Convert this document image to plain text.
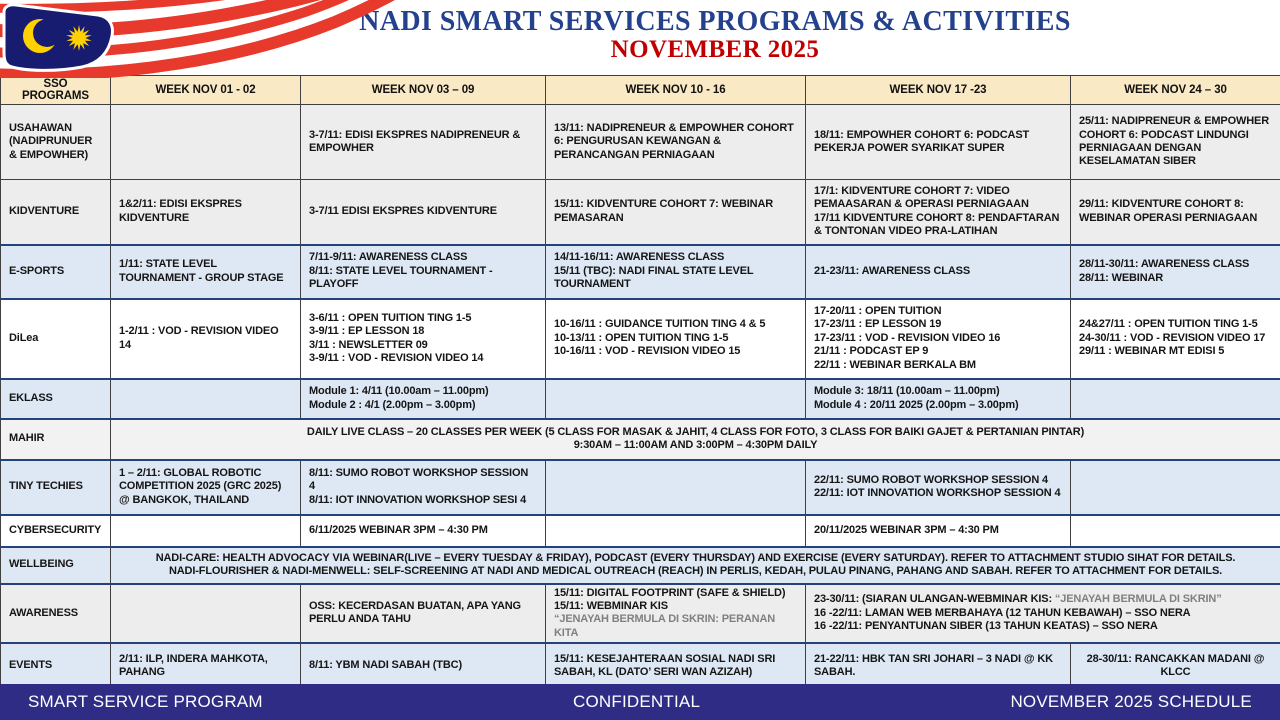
NADI SMART SERVICES PROGRAMS & ACTIVITIES
NOVEMBER 2025
SSO PROGRAMS	WEEK NOV 01 - 02	WEEK NOV 03 – 09	WEEK NOV 10 - 16	WEEK NOV 17 -23	WEEK NOV 24 – 30
USAHAWAN (NADIPRUNUER & EMPOWHER)		3-7/11: EDISI EKSPRES NADIPRENEUR & EMPOWHER	13/11: NADIPRENEUR & EMPOWHER COHORT 6: PENGURUSAN KEWANGAN & PERANCANGAN PERNIAGAAN	18/11: EMPOWHER COHORT 6: PODCAST PEKERJA POWER SYARIKAT SUPER	25/11: NADIPRENEUR & EMPOWHER COHORT 6: PODCAST LINDUNGI PERNIAGAAN DENGAN KESELAMATAN SIBER

KIDVENTURE	1&2/11: EDISI EKSPRES KIDVENTURE	3-7/11 EDISI EKSPRES KIDVENTURE	15/11: KIDVENTURE COHORT 7: WEBINAR PEMASARAN	17/1: KIDVENTURE COHORT 7: VIDEO PEMAASARAN & OPERASI PERNIAGAAN
17/11 KIDVENTURE COHORT 8: PENDAFTARAN & TONTONAN VIDEO PRA-LATIHAN	29/11: KIDVENTURE COHORT 8: WEBINAR OPERASI PERNIAGAAN

E-SPORTS	
1/11: STATE LEVEL TOURNAMENT - GROUP STAGE

7/11-9/11: AWARENESS CLASS
8/11: STATE LEVEL TOURNAMENT - PLAYOFF

14/11-16/11: AWARENESS CLASS
15/11 (TBC): NADI FINAL STATE LEVEL TOURNAMENT

21-23/11: AWARENESS CLASS

28/11-30/11: AWARENESS CLASS
28/11: WEBINAR

DiLea	
1-2/11 : VOD - REVISION VIDEO 14

3-6/11 : OPEN TUITION TING 1-5
3-9/11 : EP LESSON 18
3/11 : NEWSLETTER 09
3-9/11 : VOD - REVISION VIDEO 14

10-16/11 : GUIDANCE TUITION TING 4 & 5
10-13/11 : OPEN TUITION TING 1-5
10-16/11 : VOD - REVISION VIDEO 15

17-20/11 : OPEN TUITION
17-23/11 : EP LESSON 19
17-23/11 : VOD - REVISION VIDEO 16
21/11 : PODCAST EP 9
22/11 : WEBINAR BERKALA BM

24&27/11 : OPEN TUITION TING 1-5
24-30/11 : VOD - REVISION VIDEO 17
29/11 : WEBINAR MT EDISI 5

EKLASS		
Module 1: 4/11 (10.00am – 11.00pm)
Module 2 : 4/1 (2.00pm – 3.00pm)

Module 3: 18/11 (10.00am – 11.00pm)
Module 4 : 20/11 2025 (2.00pm – 3.00pm)

MAHIR	DAILY LIVE CLASS – 20 CLASSES PER WEEK (5 CLASS FOR MASAK & JAHIT, 4 CLASS FOR FOTO, 3 CLASS FOR BAIKI GAJET & PERTANIAN PINTAR)
9:30AM – 11:00AM AND 3:00PM – 4:30PM DAILY				

TINY TECHIES	
1 – 2/11: GLOBAL ROBOTIC COMPETITION 2025 (GRC 2025) @ BANGKOK, THAILAND

8/11: SUMO ROBOT WORKSHOP SESSION 4
8/11: IOT INNOVATION WORKSHOP SESI 4

22/11: SUMO ROBOT WORKSHOP SESSION 4
22/11: IOT INNOVATION WORKSHOP SESSION 4

CYBERSECURITY		6/11/2025 WEBINAR 3PM – 4:30 PM		20/11/2025 WEBINAR 3PM – 4:30 PM	

WELLBEING	NADI-CARE: HEALTH ADVOCACY VIA WEBINAR(LIVE – EVERY TUESDAY & FRIDAY), PODCAST (EVERY THURSDAY) AND EXERCISE (EVERY SATURDAY). REFER TO ATTACHMENT STUDIO SIHAT FOR DETAILS.
NADI-FLOURISHER & NADI-MENWELL: SELF-SCREENING AT NADI AND MEDICAL OUTREACH (REACH) IN PERLIS, KEDAH, PULAU PINANG, PAHANG AND SABAH. REFER TO ATTACHMENT FOR DETAILS.				

AWARENESS		
OSS: KECERDASAN BUATAN, APA YANG PERLU ANDA TAHU

15/11: DIGITAL FOOTPRINT (SAFE & SHIELD)
15/11: WEBMINAR KIS
“JENAYAH BERMULA DI SKRIN: PERANAN KITA

23-30/11: (SIARAN ULANGAN-WEBMINAR KIS: “JENAYAH BERMULA DI SKRIN”
16 -22/11: LAMAN WEB MERBAHAYA (12 TAHUN KEBAWAH) – SSO NERA
16 -22/11: PENYANTUNAN SIBER (13 TAHUN KEATAS) – SSO NERA

EVENTS	2/11: ILP, INDERA MAHKOTA, PAHANG	8/11: YBM NADI SABAH (TBC)	15/11: KESEJAHTERAAN SOSIAL NADI SRI SABAH, KL (DATO’ SERI WAN AZIZAH)	21-22/11: HBK TAN SRI JOHARI – 3 NADI @ KK SABAH.	28-30/11: RANCAKKAN MADANI @ KLCC
SMART SERVICE PROGRAM	CONFIDENTIAL	NOVEMBER 2025 SCHEDULE
